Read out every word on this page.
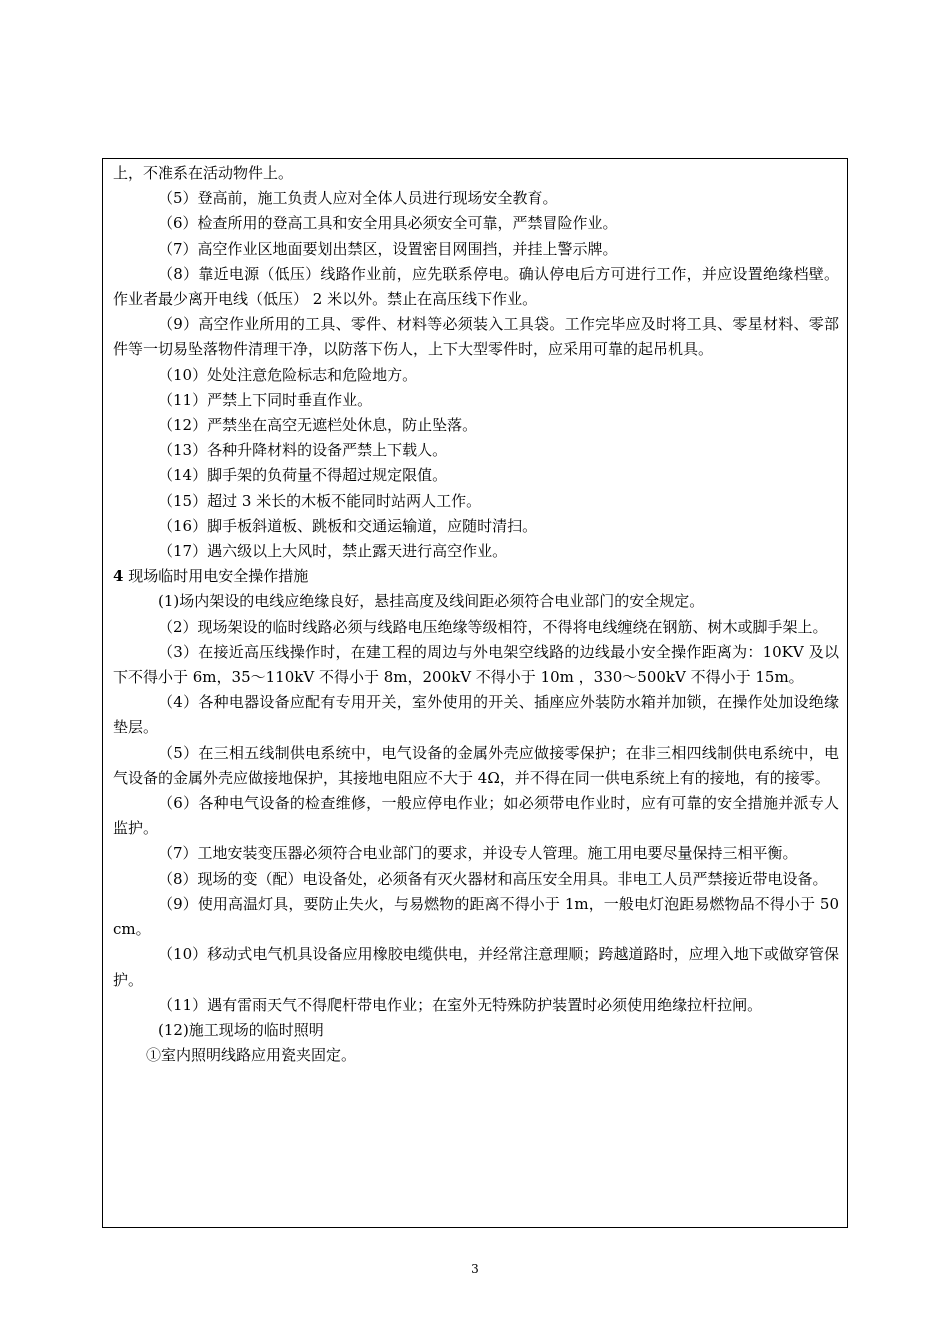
上，不准系在活动物件上。

（5）登高前，施工负责人应对全体人员进行现场安全教育。

（6）检查所用的登高工具和安全用具必须安全可靠，严禁冒险作业。

（7）高空作业区地面要划出禁区，设置密目网围挡，并挂上警示牌。

（8）靠近电源（低压）线路作业前，应先联系停电。确认停电后方可进行工作，并应设置绝缘档壁。作业者最少离开电线（低压） 2 米以外。禁止在高压线下作业。

（9）高空作业所用的工具、零件、材料等必须装入工具袋。工作完毕应及时将工具、零星材料、零部件等一切易坠落物件清理干净，以防落下伤人，上下大型零件时，应采用可靠的起吊机具。

（10）处处注意危险标志和危险地方。

（11）严禁上下同时垂直作业。

（12）严禁坐在高空无遮栏处休息，防止坠落。

（13）各种升降材料的设备严禁上下载人。

（14）脚手架的负荷量不得超过规定限值。

（15）超过 3 米长的木板不能同时站两人工作。

（16）脚手板斜道板、跳板和交通运输道，应随时清扫。

（17）遇六级以上大风时，禁止露天进行高空作业。

4 现场临时用电安全操作措施

(1)场内架设的电线应绝缘良好，悬挂高度及线间距必须符合电业部门的安全规定。

（2）现场架设的临时线路必须与线路电压绝缘等级相符，不得将电线缠绕在钢筋、树木或脚手架上。

（3）在接近高压线操作时，在建工程的周边与外电架空线路的边线最小安全操作距离为：10KV 及以下不得小于 6m，35～110kV 不得小于 8m，200kV 不得小于 10m ，330～500kV 不得小于 15m。

（4）各种电器设备应配有专用开关，室外使用的开关、插座应外装防水箱并加锁，在操作处加设绝缘垫层。

（5）在三相五线制供电系统中，电气设备的金属外壳应做接零保护；在非三相四线制供电系统中，电气设备的金属外壳应做接地保护，其接地电阻应不大于 4Ω，并不得在同一供电系统上有的接地，有的接零。

（6）各种电气设备的检查维修，一般应停电作业；如必须带电作业时，应有可靠的安全措施并派专人监护。

（7）工地安装变压器必须符合电业部门的要求，并设专人管理。施工用电要尽量保持三相平衡。

（8）现场的变（配）电设备处，必须备有灭火器材和高压安全用具。非电工人员严禁接近带电设备。

（9）使用高温灯具，要防止失火，与易燃物的距离不得小于 1m，一般电灯泡距易燃物品不得小于 50cm。

（10）移动式电气机具设备应用橡胶电缆供电，并经常注意理顺；跨越道路时，应埋入地下或做穿管保护。

（11）遇有雷雨天气不得爬杆带电作业；在室外无特殊防护装置时必须使用绝缘拉杆拉闸。

(12)施工现场的临时照明

①室内照明线路应用瓷夹固定。

3
